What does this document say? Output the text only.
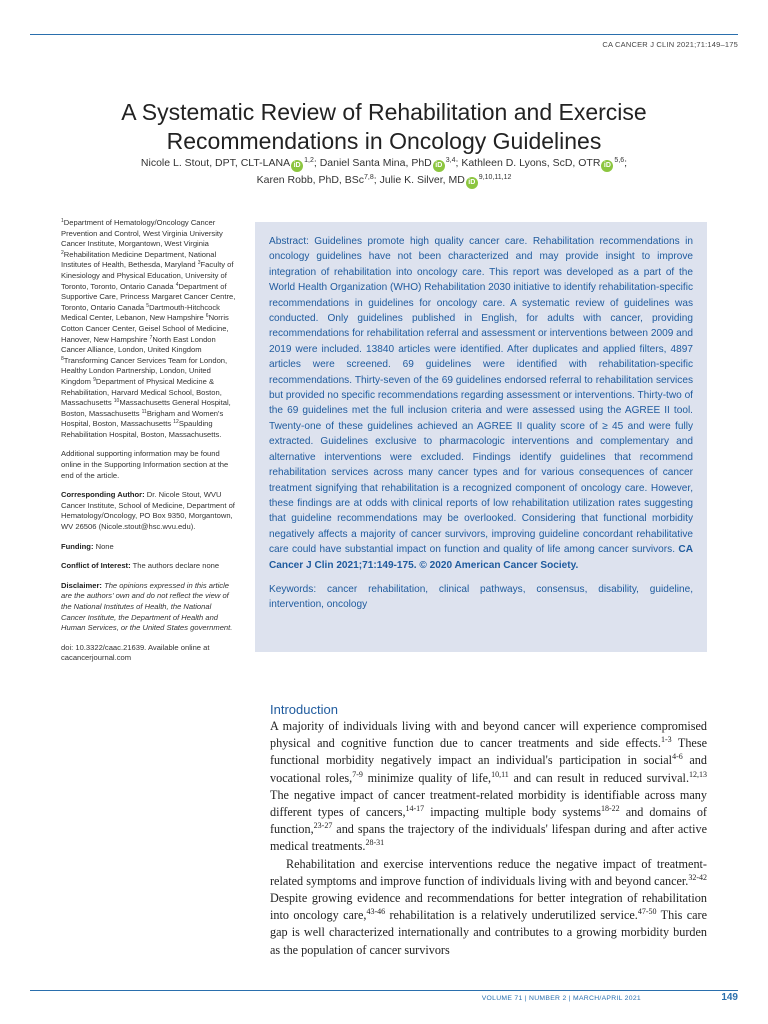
CA CANCER J CLIN 2021;71:149–175
A Systematic Review of Rehabilitation and Exercise Recommendations in Oncology Guidelines
Nicole L. Stout, DPT, CLT-LANA iD$^{1,2}$; Daniel Santa Mina, PhD iD$^{3,4}$; Kathleen D. Lyons, ScD, OTR iD$^{5,6}$;
Karen Robb, PhD, BSc$^{7,8}$; Julie K. Silver, MD iD$^{9,10,11,12}$

$^1$Department of Hematology/Oncology Cancer Prevention and Control, West Virginia University Cancer Institute, Morgantown, West Virginia $^2$Rehabilitation Medicine Department, National Institutes of Health, Bethesda, Maryland $^3$Faculty of Kinesiology and Physical Education, University of Toronto, Toronto, Ontario Canada $^4$Department of Supportive Care, Princess Margaret Cancer Centre, Toronto, Ontario Canada $^5$Dartmouth-Hitchcock Medical Center, Lebanon, New Hampshire $^6$Norris Cotton Cancer Center, Geisel School of Medicine, Hanover, New Hampshire $^7$North East London Cancer Alliance, London, United Kingdom $^8$Transforming Cancer Services Team for London, Healthy London Partnership, London, United Kingdom $^9$Department of Physical Medicine & Rehabilitation, Harvard Medical School, Boston, Massachusetts $^{10}$Massachusetts General Hospital, Boston, Massachusetts $^{11}$Brigham and Women's Hospital, Boston, Massachusetts $^{12}$Spaulding Rehabilitation Hospital, Boston, Massachusetts.

Additional supporting information may be found online in the Supporting Information section at the end of the article.

Corresponding Author: Dr. Nicole Stout, WVU Cancer Institute, School of Medicine, Department of Hematology/Oncology, PO Box 9350, Morgantown, WV 26506 (Nicole.stout@hsc.wvu.edu).

Funding: None

Conflict of Interest: The authors declare none

Disclaimer: The opinions expressed in this article are the authors' own and do not reflect the view of the National Institutes of Health, the National Cancer Institute, the Department of Health and Human Services, or the United States government.

doi: 10.3322/caac.21639. Available online at cacancerjournal.com

Abstract: Guidelines promote high quality cancer care. Rehabilitation recommendations in oncology guidelines have not been characterized and may provide insight to improve integration of rehabilitation into oncology care. This report was developed as a part of the World Health Organization (WHO) Rehabilitation 2030 initiative to identify rehabilitation-specific recommendations in guidelines for oncology care. A systematic review of guidelines was conducted. Only guidelines published in English, for adults with cancer, providing recommendations for rehabilitation referral and assessment or interventions between 2009 and 2019 were included. 13840 articles were identified. After duplicates and applied filters, 4897 articles were screened. 69 guidelines were identified with rehabilitation-specific recommendations. Thirty-seven of the 69 guidelines endorsed referral to rehabilitation services but provided no specific recommendations regarding assessment or interventions. Thirty-two of the 69 guidelines met the full inclusion criteria and were assessed using the AGREE II tool. Twenty-one of these guidelines achieved an AGREE II quality score of ≥ 45 and were fully extracted. Guidelines exclusive to pharmacologic interventions and complementary and alternative interventions were excluded. Findings identify guidelines that recommend rehabilitation services across many cancer types and for various consequences of cancer treatment signifying that rehabilitation is a recognized component of oncology care. However, these findings are at odds with clinical reports of low rehabilitation utilization rates suggesting that guideline recommendations may be overlooked. Considering that functional morbidity negatively affects a majority of cancer survivors, improving guideline concordant rehabilitative care could have substantial impact on function and quality of life among cancer survivors. CA Cancer J Clin 2021;71:149-175. © 2020 American Cancer Society.

Keywords: cancer rehabilitation, clinical pathways, consensus, disability, guideline, intervention, oncology

Introduction

A majority of individuals living with and beyond cancer will experience compromised physical and cognitive function due to cancer treatments and side effects.$^{1-3}$ These functional morbidity negatively impact an individual's participation in social$^{4-6}$ and vocational roles,$^{7-9}$ minimize quality of life,$^{10,11}$ and can result in reduced survival.$^{12,13}$ The negative impact of cancer treatment-related morbidity is identifiable across many different types of cancers,$^{14-17}$ impacting multiple body systems$^{18-22}$ and domains of function,$^{23-27}$ and spans the trajectory of the individuals' lifespan during and after active medical treatments.$^{28-31}$

Rehabilitation and exercise interventions reduce the negative impact of treatment-related symptoms and improve function of individuals living with and beyond cancer.$^{32-42}$ Despite growing evidence and recommendations for better integration of rehabilitation into oncology care,$^{43-46}$ rehabilitation is a relatively underutilized service.$^{47-50}$ This care gap is well characterized internationally and contributes to a growing morbidity burden as the population of cancer survivors

VOLUME 71 | NUMBER 2 | MARCH/APRIL 2021	149
